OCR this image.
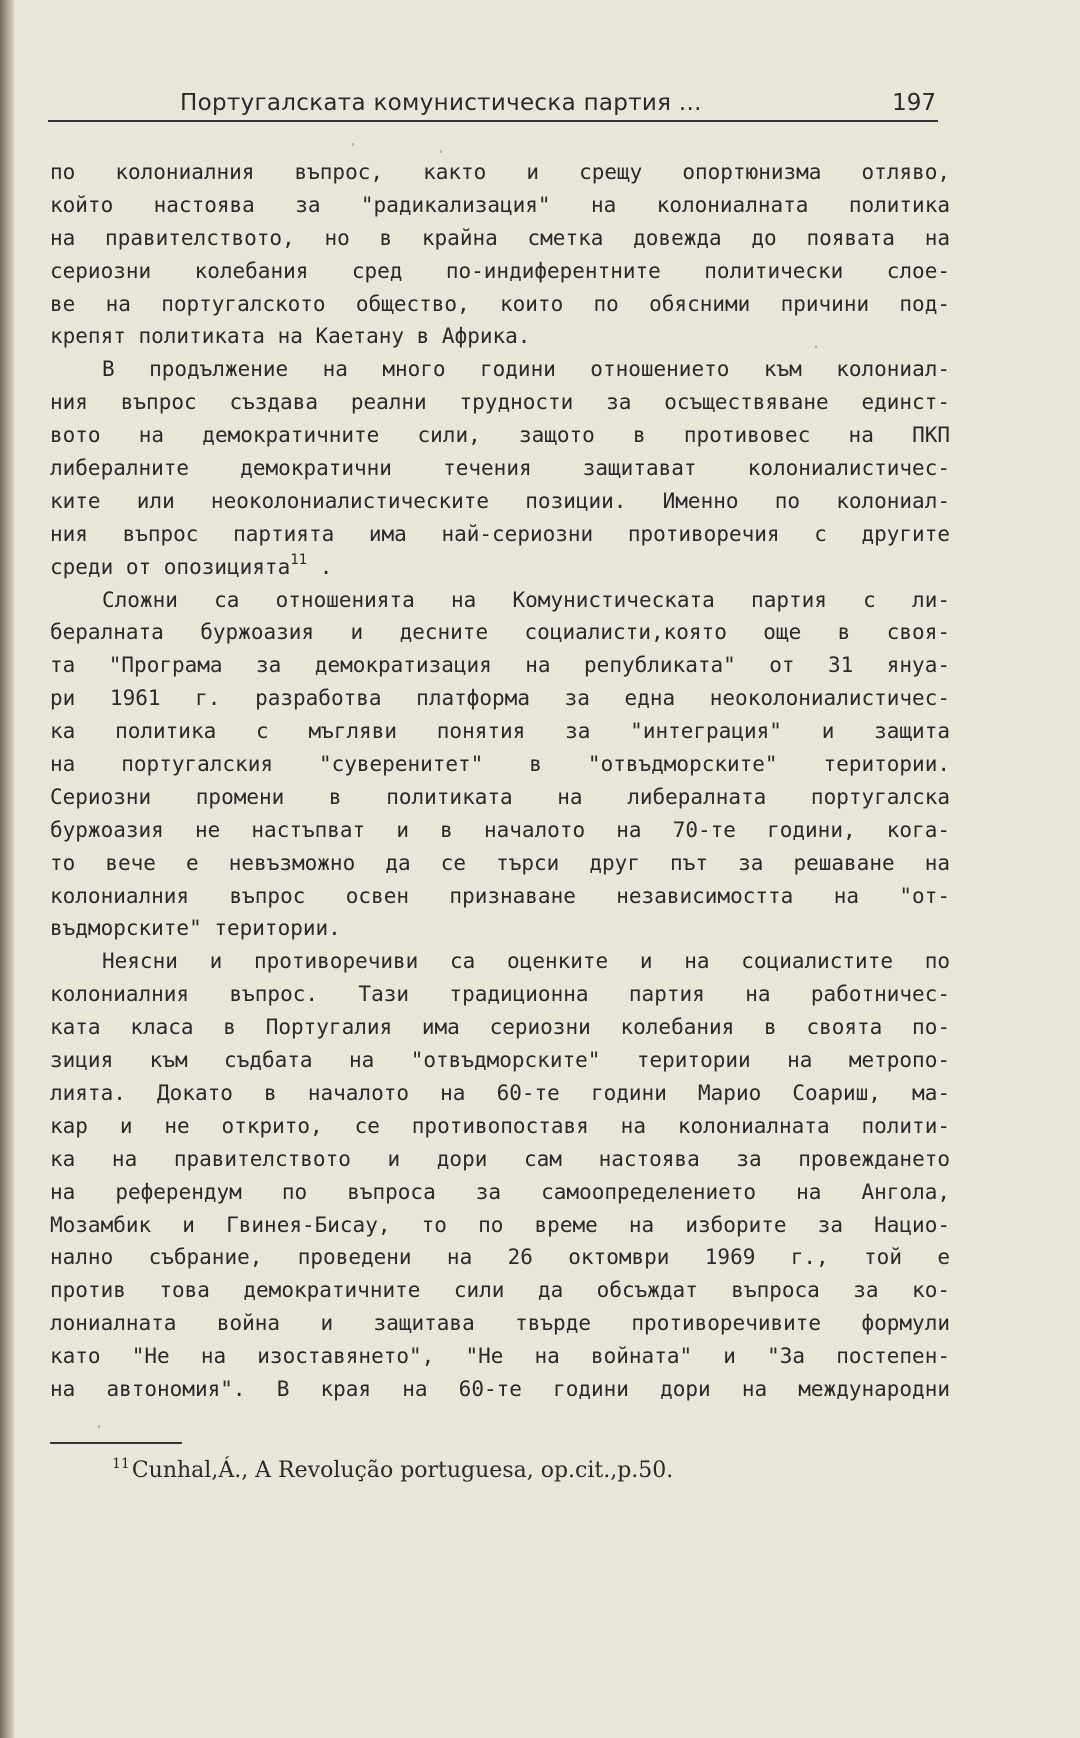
Португалската комунистическа партия ...	197
по колониалния въпрос, както и срещу опортюнизма отляво,
който настоява за "радикализация" на колониалната политика
на правителството, но в крайна сметка довежда до появата на
сериозни колебания сред по-индиферентните политически слое-
ве на португалското общество, които по обясними причини под-
крепят политиката на Каетану в Африка.
В продължение на много години отношението към колониал-
ния въпрос създава реални трудности за осъществяване единст-
вото на демократичните сили, защото в противовес на ПКП
либералните демократични течения защитават колониалистичес-
ките или неоколониалистическите позиции. Именно по колониал-
ния въпрос партията има най-сериозни противоречия с другите
среди от опозицията$^{11}$ .
Сложни са отношенията на Комунистическата партия с ли-
бералната буржоазия и десните социалисти,която още в своя-
та "Програма за демократизация на републиката" от 31 януа-
ри 1961 г. разработва платформа за една неоколониалистичес-
ка политика с мъгляви понятия за "интеграция" и защита
на португалския "суверенитет" в "отвъдморските" територии.
Сериозни промени в политиката на либералната португалска
буржоазия не настъпват и в началото на 70-те години, кога-
то вече е невъзможно да се търси друг път за решаване на
колониалния въпрос освен признаване независимостта на "от-
въдморските" територии.
Неясни и противоречиви са оценките и на социалистите по
колониалния въпрос. Тази традиционна партия на работничес-
ката класа в Португалия има сериозни колебания в своята по-
зиция към съдбата на "отвъдморските" територии на метропо-
лията. Докато в началото на 60-те години Марио Соариш, ма-
кар и не открито, се противопоставя на колониалната полити-
ка на правителството и дори сам настоява за провеждането
на референдум по въпроса за самоопределението на Ангола,
Мозамбик и Гвинея-Бисау, то по време на изборите за Нацио-
нално събрание, проведени на 26 октомври 1969 г., той е
против това демократичните сили да обсъждат въпроса за ко-
лониалната война и защитава твърде противоречивите формули
като "Не на изоставянето", "Не на войната" и "За постепен-
на автономия". В края на 60-те години дори на международни
$^{11}$Cunhal,Á., A Revolução portuguesa, op.cit.,p.50.
